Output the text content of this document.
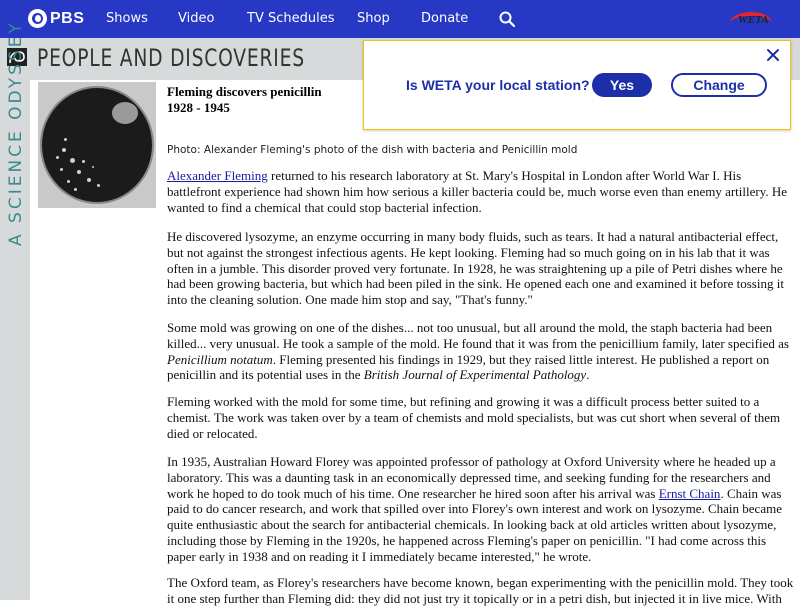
PBS Shows Video	TV Schedules Shop Donate
A SCIENCE ODYSSEY PEOPLE AND DISCOVERIES
WETA
Fleming discovers penicillin
1928 - 1945
Photo: Alexander Fleming's photo of the dish with bacteria and Penicillin mold

Alexander Fleming returned to his research laboratory at St. Mary's Hospital in London after World War I. His battlefront experience had shown him how serious a killer bacteria could be, much worse even than enemy artillery. He wanted to find a chemical that could stop bacterial infection.

He discovered lysozyme, an enzyme occurring in many body fluids, such as tears. It had a natural antibacterial effect, but not against the strongest infectious agents. He kept looking. Fleming had so much going on in his lab that it was often in a jumble. This disorder proved very fortunate. In 1928, he was straightening up a pile of Petri dishes where he had been growing bacteria, but which had been piled in the sink. He opened each one and examined it before tossing it into the cleaning solution. One made him stop and say, "That's funny."

Some mold was growing on one of the dishes... not too unusual, but all around the mold, the staph bacteria had been killed... very unusual. He took a sample of the mold. He found that it was from the penicillium family, later specified as Penicillium notatum. Fleming presented his findings in 1929, but they raised little interest. He published a report on penicillin and its potential uses in the British Journal of Experimental Pathology.

Fleming worked with the mold for some time, but refining and growing it was a difficult process better suited to a chemist. The work was taken over by a team of chemists and mold specialists, but was cut short when several of them died or relocated.

In 1935, Australian Howard Florey was appointed professor of pathology at Oxford University where he headed up a laboratory. This was a daunting task in an economically depressed time, and seeking funding for the researchers and work he hoped to do took much of his time. One researcher he hired soon after his arrival was Ernst Chain. Chain was paid to do cancer research, and work that spilled over into Florey's own interest and work on lysozyme. Chain became quite enthusiastic about the search for antibacterial chemicals. In looking back at old articles written about lysozyme, including those by Fleming in the 1920s, he happened across Fleming's paper on penicillin. "I had come across this paper early in 1938 and on reading it I immediately became interested," he wrote.

The Oxford team, as Florey's researchers have become known, began experimenting with the penicillin mold. They took it one step further than Fleming did: they did not just try it topically or in a petri dish, but injected it in live mice. With

Is WETA your local station?	Yes	Change
